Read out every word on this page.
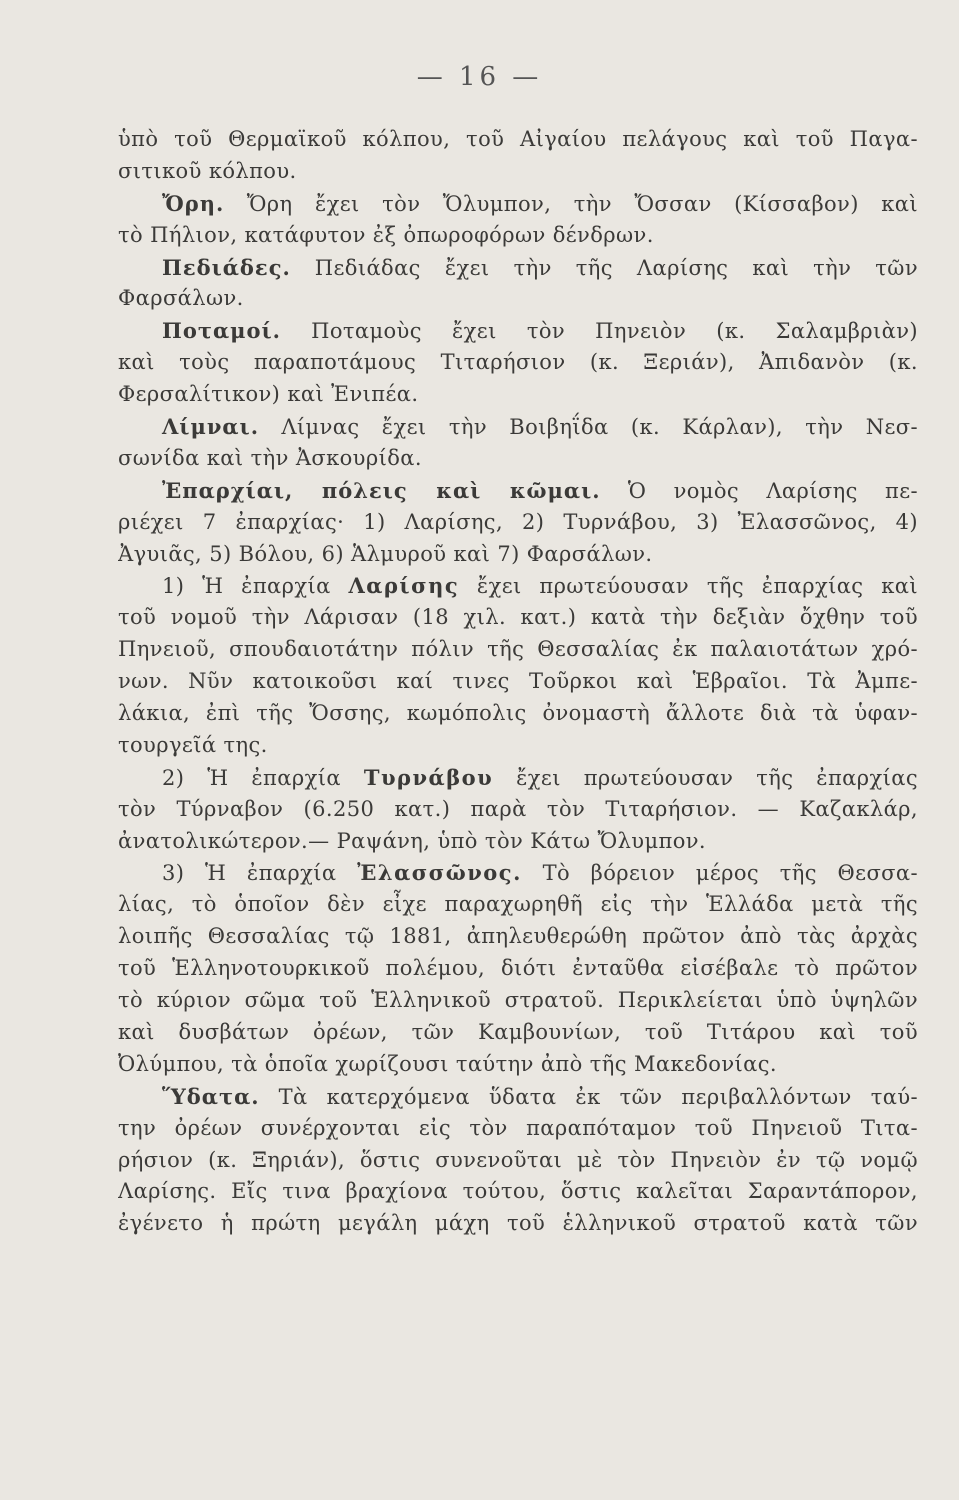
— 16 —
ὑπὸ τοῦ Θερμαϊκοῦ κόλπου, τοῦ Αἰγαίου πελάγους καὶ τοῦ Παγα-
σιτικοῦ κόλπου.
Ὄρη. Ὄρη ἔχει τὸν Ὄλυμπον, τὴν Ὄσσαν (Κίσσαβον) καὶ
τὸ Πήλιον, κατάφυτον ἐξ ὀπωροφόρων δένδρων.
Πεδιάδες. Πεδιάδας ἔχει τὴν τῆς Λαρίσης καὶ τὴν τῶν
Φαρσάλων.
Ποταμοί. Ποταμοὺς ἔχει τὸν Πηνειὸν (κ. Σαλαμβριὰν)
καὶ τοὺς παραποτάμους Τιταρήσιον (κ. Ξεριάν), Ἀπιδανὸν (κ.
Φερσαλίτικον) καὶ Ἐνιπέα.
Λίμναι. Λίμνας ἔχει τὴν Βοιβηΐδα (κ. Κάρλαν), τὴν Νεσ-
σωνίδα καὶ τὴν Ἀσκουρίδα.
Ἐπαρχίαι, πόλεις καὶ κῶμαι. Ὁ νομὸς Λαρίσης πε-
ριέχει 7 ἐπαρχίας· 1) Λαρίσης, 2) Τυρνάβου, 3) Ἐλασσῶνος, 4)
Ἀγυιᾶς, 5) Βόλου, 6) Ἁλμυροῦ καὶ 7) Φαρσάλων.
1) Ἡ ἐπαρχία Λαρίσης ἔχει πρωτεύουσαν τῆς ἐπαρχίας καὶ
τοῦ νομοῦ τὴν Λάρισαν (18 χιλ. κατ.) κατὰ τὴν δεξιὰν ὄχθην τοῦ
Πηνειοῦ, σπουδαιοτάτην πόλιν τῆς Θεσσαλίας ἐκ παλαιοτάτων χρό-
νων. Νῦν κατοικοῦσι καί τινες Τοῦρκοι καὶ Ἑβραῖοι. Τὰ Ἀμπε-
λάκια, ἐπὶ τῆς Ὄσσης, κωμόπολις ὀνομαστὴ ἄλλοτε διὰ τὰ ὑφαν-
τουργεῖά της.
2) Ἡ ἐπαρχία Τυρνάβου ἔχει πρωτεύουσαν τῆς ἐπαρχίας
τὸν Τύρναβον (6.250 κατ.) παρὰ τὸν Τιταρήσιον. — Καζακλάρ,
ἀνατολικώτερον.— Ραψάνη, ὑπὸ τὸν Κάτω Ὄλυμπον.
3) Ἡ ἐπαρχία Ἐλασσῶνος. Τὸ βόρειον μέρος τῆς Θεσσα-
λίας, τὸ ὁποῖον δὲν εἶχε παραχωρηθῆ εἰς τὴν Ἑλλάδα μετὰ τῆς
λοιπῆς Θεσσαλίας τῷ 1881, ἀπηλευθερώθη πρῶτον ἀπὸ τὰς ἀρχὰς
τοῦ Ἑλληνοτουρκικοῦ πολέμου, διότι ἐνταῦθα εἰσέβαλε τὸ πρῶτον
τὸ κύριον σῶμα τοῦ Ἑλληνικοῦ στρατοῦ. Περικλείεται ὑπὸ ὑψηλῶν
καὶ δυσβάτων ὀρέων, τῶν Καμβουνίων, τοῦ Τιτάρου καὶ τοῦ
Ὀλύμπου, τὰ ὁποῖα χωρίζουσι ταύτην ἀπὸ τῆς Μακεδονίας.
Ὕδατα. Τὰ κατερχόμενα ὕδατα ἐκ τῶν περιβαλλόντων ταύ-
την ὀρέων συνέρχονται εἰς τὸν παραπόταμον τοῦ Πηνειοῦ Τιτα-
ρήσιον (κ. Ξηριάν), ὅστις συνενοῦται μὲ τὸν Πηνειὸν ἐν τῷ νομῷ
Λαρίσης. Εἴς τινα βραχίονα τούτου, ὅστις καλεῖται Σαραντάπορον,
ἐγένετο ἡ πρώτη μεγάλη μάχη τοῦ ἑλληνικοῦ στρατοῦ κατὰ τῶν
